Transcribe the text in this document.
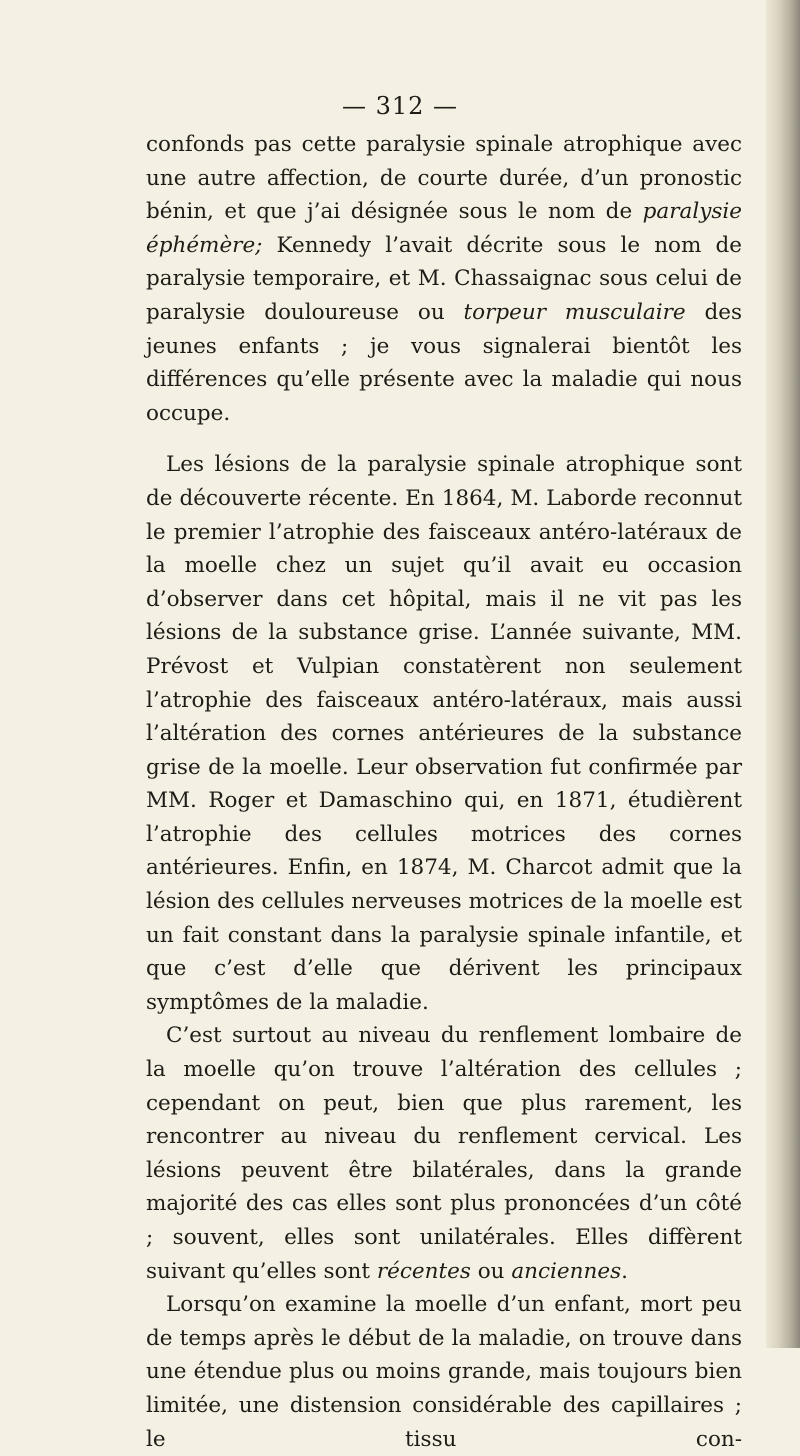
— 312 —

confonds pas cette paralysie spinale atrophique avec une autre affection, de courte durée, d’un pronostic bénin, et que j’ai désignée sous le nom de paralysie éphémère; Kennedy l’avait décrite sous le nom de paralysie temporaire, et M. Chassaignac sous celui de paralysie douloureuse ou torpeur musculaire des jeunes enfants ; je vous signalerai bientôt les différences qu’elle présente avec la maladie qui nous occupe.

Les lésions de la paralysie spinale atrophique sont de découverte récente. En 1864, M. Laborde reconnut le premier l’atrophie des faisceaux antéro-latéraux de la moelle chez un sujet qu’il avait eu occasion d’observer dans cet hôpital, mais il ne vit pas les lésions de la substance grise. L’année suivante, MM. Prévost et Vulpian constatèrent non seulement l’atrophie des faisceaux antéro-latéraux, mais aussi l’altération des cornes antérieures de la substance grise de la moelle. Leur observation fut confirmée par MM. Roger et Damaschino qui, en 1871, étudièrent l’atrophie des cellules motrices des cornes antérieures. Enfin, en 1874, M. Charcot admit que la lésion des cellules nerveuses motrices de la moelle est un fait constant dans la paralysie spinale infantile, et que c’est d’elle que dérivent les principaux symptômes de la maladie.

C’est surtout au niveau du renflement lombaire de la moelle qu’on trouve l’altération des cellules ; cependant on peut, bien que plus rarement, les rencontrer au niveau du renflement cervical. Les lésions peuvent être bilatérales, dans la grande majorité des cas elles sont plus prononcées d’un côté ; souvent, elles sont unilatérales. Elles diffèrent suivant qu’elles sont récentes ou anciennes.

Lorsqu’on examine la moelle d’un enfant, mort peu de temps après le début de la maladie, on trouve dans une étendue plus ou moins grande, mais toujours bien limitée, une distension considérable des capillaires ; le tissu con-
